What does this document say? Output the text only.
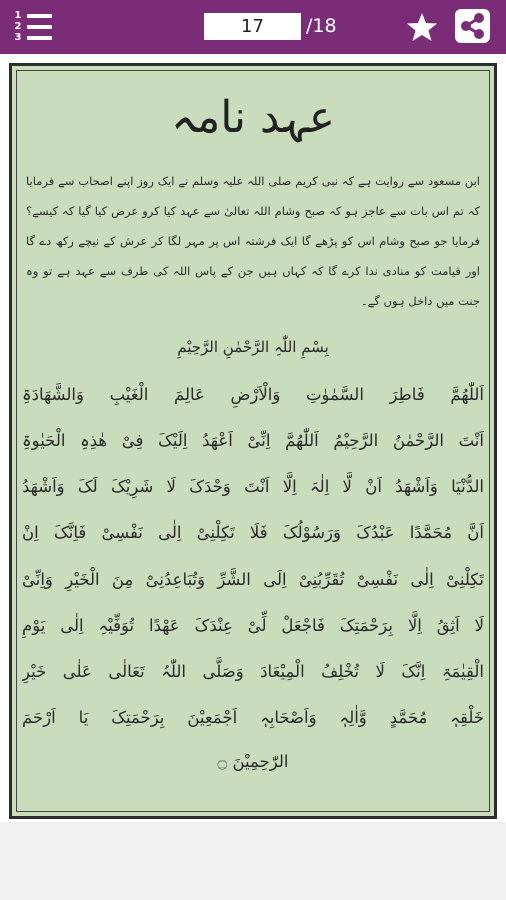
1
2
3
17
/18
عہد نامہ
ابن مسعود سے روایت ہے کہ نبی کریم صلی اللہ علیہ وسلم نے ایک روز اپنے اصحاب سے فرمایا کہ تم اس بات سے عاجز ہو کہ صبح وشام اللہ تعالیٰ سے عہد کیا کرو عرض کیا گیا کہ کیسے؟ فرمایا جو صبح وشام اس کو پڑھے گا ایک فرشتہ اس پر مہر لگا کر عرش کے نیچے رکھ دے گا اور قیامت کو منادی ندا کرے گا کہ کہاں ہیں جن کے پاس اللہ کی طرف سے عہد ہے تو وہ جنت میں داخل ہوں گے۔
بِسْمِ اللّٰہِ الرَّحْمٰنِ الرَّحِیْمِ
اَللّٰھُمَّ فَاطِرَ السَّمٰوٰتِ وَالْاَرْضِ عَالِمَ الْغَیْبِ وَالشَّھَادَۃِ
اَنْتَ الرَّحْمٰنُ الرَّحِیْمُ اَللّٰھُمَّ اِنِّیْ اَعْھَدُ اِلَیْکَ فِیْ ھٰذِہِ الْحَیٰوۃِ
الدُّنْیَا وَاَشْھَدُ اَنْ لَّا اِلٰہَ اِلَّا اَنْتَ وَحْدَکَ لَا شَرِیْکَ لَکَ وَاَشْھَدُ
اَنَّ مُحَمَّدًا عَبْدُکَ وَرَسُوْلُکَ فَلَا تَکِلْنِیْ اِلٰی نَفْسِیْ فَاِنَّکَ اِنْ
تَکِلْنِیْ اِلٰی نَفْسِیْ تُقَرِّبُنِیْ اِلَی الشَّرِّ وَتُبَاعِدُنِیْ مِنَ الْخَیْرِ وَاِنِّیْ
لَا اَثِقُ اِلَّا بِرَحْمَتِکَ فَاجْعَلْ لِّیْ عِنْدَکَ عَھْدًا تُوَفِّیْہِ اِلٰی یَوْمِ
الْقِیٰمَۃِ اِنَّکَ لَا تُخْلِفُ الْمِیْعَادَ وَصَلَّی اللّٰہُ تَعَالٰی عَلٰی خَیْرِ
خَلْقِہٖ مُحَمَّدٍ وَّاٰلِہٖ وَاَصْحَابِہٖ اَجْمَعِیْنَ بِرَحْمَتِکَ یَا اَرْحَمَ
الرّٰحِمِیْنَ ۝
